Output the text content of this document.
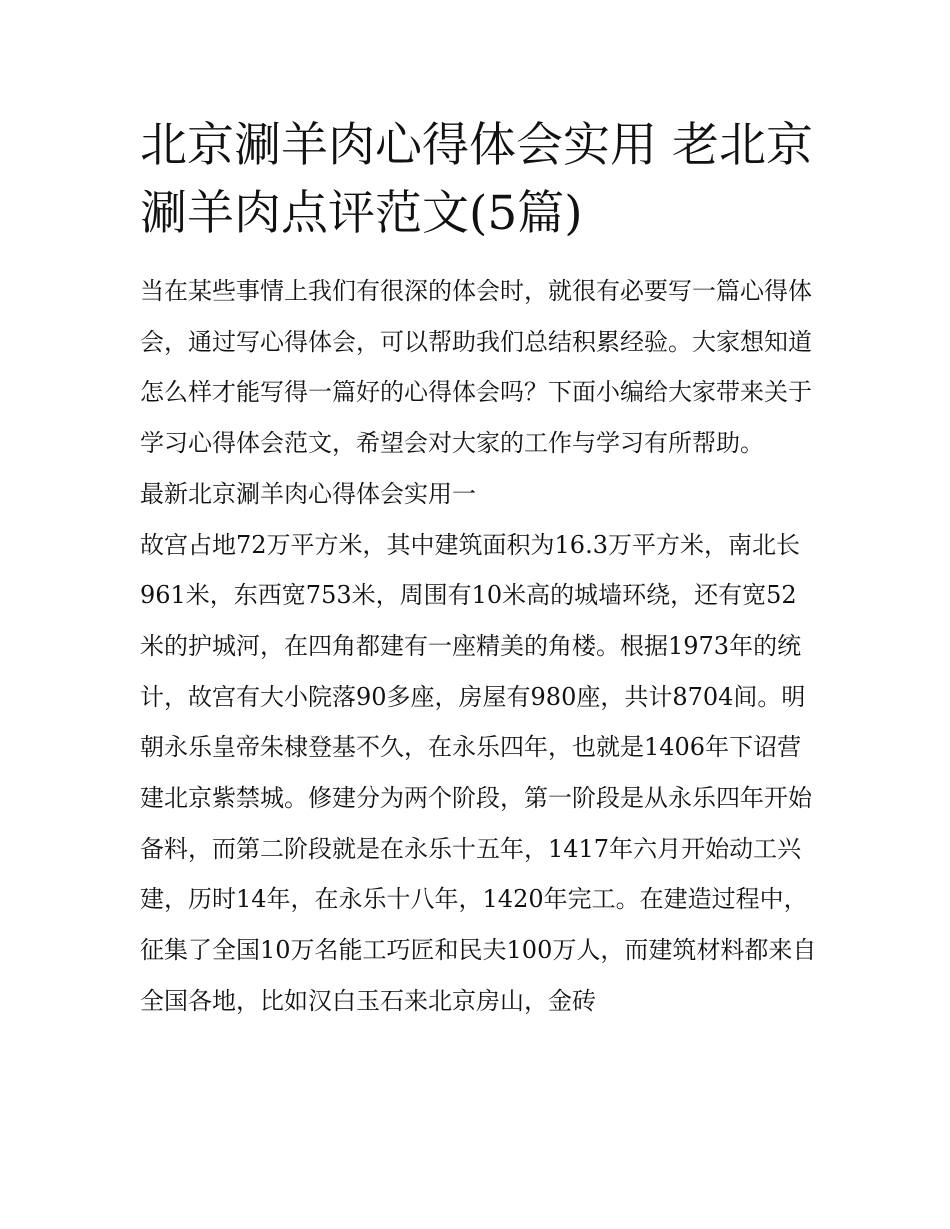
北京涮羊肉心得体会实用 老北京涮羊肉点评范文(5篇)

当在某些事情上我们有很深的体会时，就很有必要写一篇心得体会，通过写心得体会，可以帮助我们总结积累经验。大家想知道怎么样才能写得一篇好的心得体会吗？下面小编给大家带来关于学习心得体会范文，希望会对大家的工作与学习有所帮助。

最新北京涮羊肉心得体会实用一

故宫占地72万平方米，其中建筑面积为16.3万平方米，南北长961米，东西宽753米，周围有10米高的城墙环绕，还有宽52米的护城河，在四角都建有一座精美的角楼。根据1973年的统计，故宫有大小院落90多座，房屋有980座，共计8704间。明朝永乐皇帝朱棣登基不久，在永乐四年，也就是1406年下诏营建北京紫禁城。修建分为两个阶段，第一阶段是从永乐四年开始备料，而第二阶段就是在永乐十五年，1417年六月开始动工兴建，历时14年，在永乐十八年，1420年完工。在建造过程中，征集了全国10万名能工巧匠和民夫100万人，而建筑材料都来自全国各地，比如汉白玉石来北京房山，金砖
